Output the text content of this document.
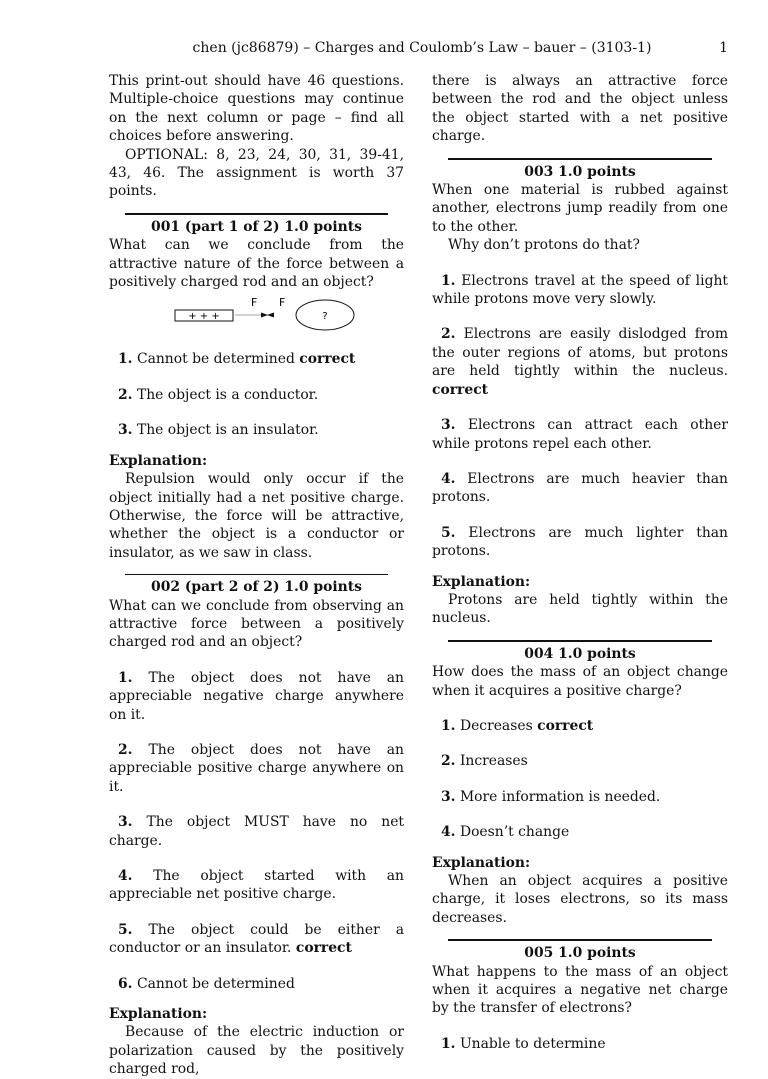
chen (jc86879) – Charges and Coulomb’s Law – bauer – (3103-1)	1

This print-out should have 46 questions. Multiple-choice questions may continue on the next column or page – find all choices before answering.

OPTIONAL: 8, 23, 24, 30, 31, 39-41, 43, 46. The assignment is worth 37 points.

001 (part 1 of 2) 1.0 points

What can we conclude from the attractive nature of the force between a positively charged rod and an object?

+ + +
F F
?

1. Cannot be determined correct

2. The object is a conductor.

3. The object is an insulator.

Explanation:

Repulsion would only occur if the object initially had a net positive charge. Otherwise, the force will be attractive, whether the object is a conductor or insulator, as we saw in class.

002 (part 2 of 2) 1.0 points

What can we conclude from observing an attractive force between a positively charged rod and an object?

1. The object does not have an appreciable negative charge anywhere on it.

2. The object does not have an appreciable positive charge anywhere on it.

3. The object MUST have no net charge.

4. The object started with an appreciable net positive charge.

5. The object could be either a conductor or an insulator. correct

6. Cannot be determined

Explanation:

Because of the electric induction or polarization caused by the positively charged rod,

there is always an attractive force between the rod and the object unless the object started with a net positive charge.

003 1.0 points

When one material is rubbed against another, electrons jump readily from one to the other.

Why don’t protons do that?

1. Electrons travel at the speed of light while protons move very slowly.

2. Electrons are easily dislodged from the outer regions of atoms, but protons are held tightly within the nucleus. correct

3. Electrons can attract each other while protons repel each other.

4. Electrons are much heavier than protons.

5. Electrons are much lighter than protons.

Explanation:

Protons are held tightly within the nucleus.

004 1.0 points

How does the mass of an object change when it acquires a positive charge?

1. Decreases correct

2. Increases

3. More information is needed.

4. Doesn’t change

Explanation:

When an object acquires a positive charge, it loses electrons, so its mass decreases.

005 1.0 points

What happens to the mass of an object when it acquires a negative net charge by the transfer of electrons?

1. Unable to determine
